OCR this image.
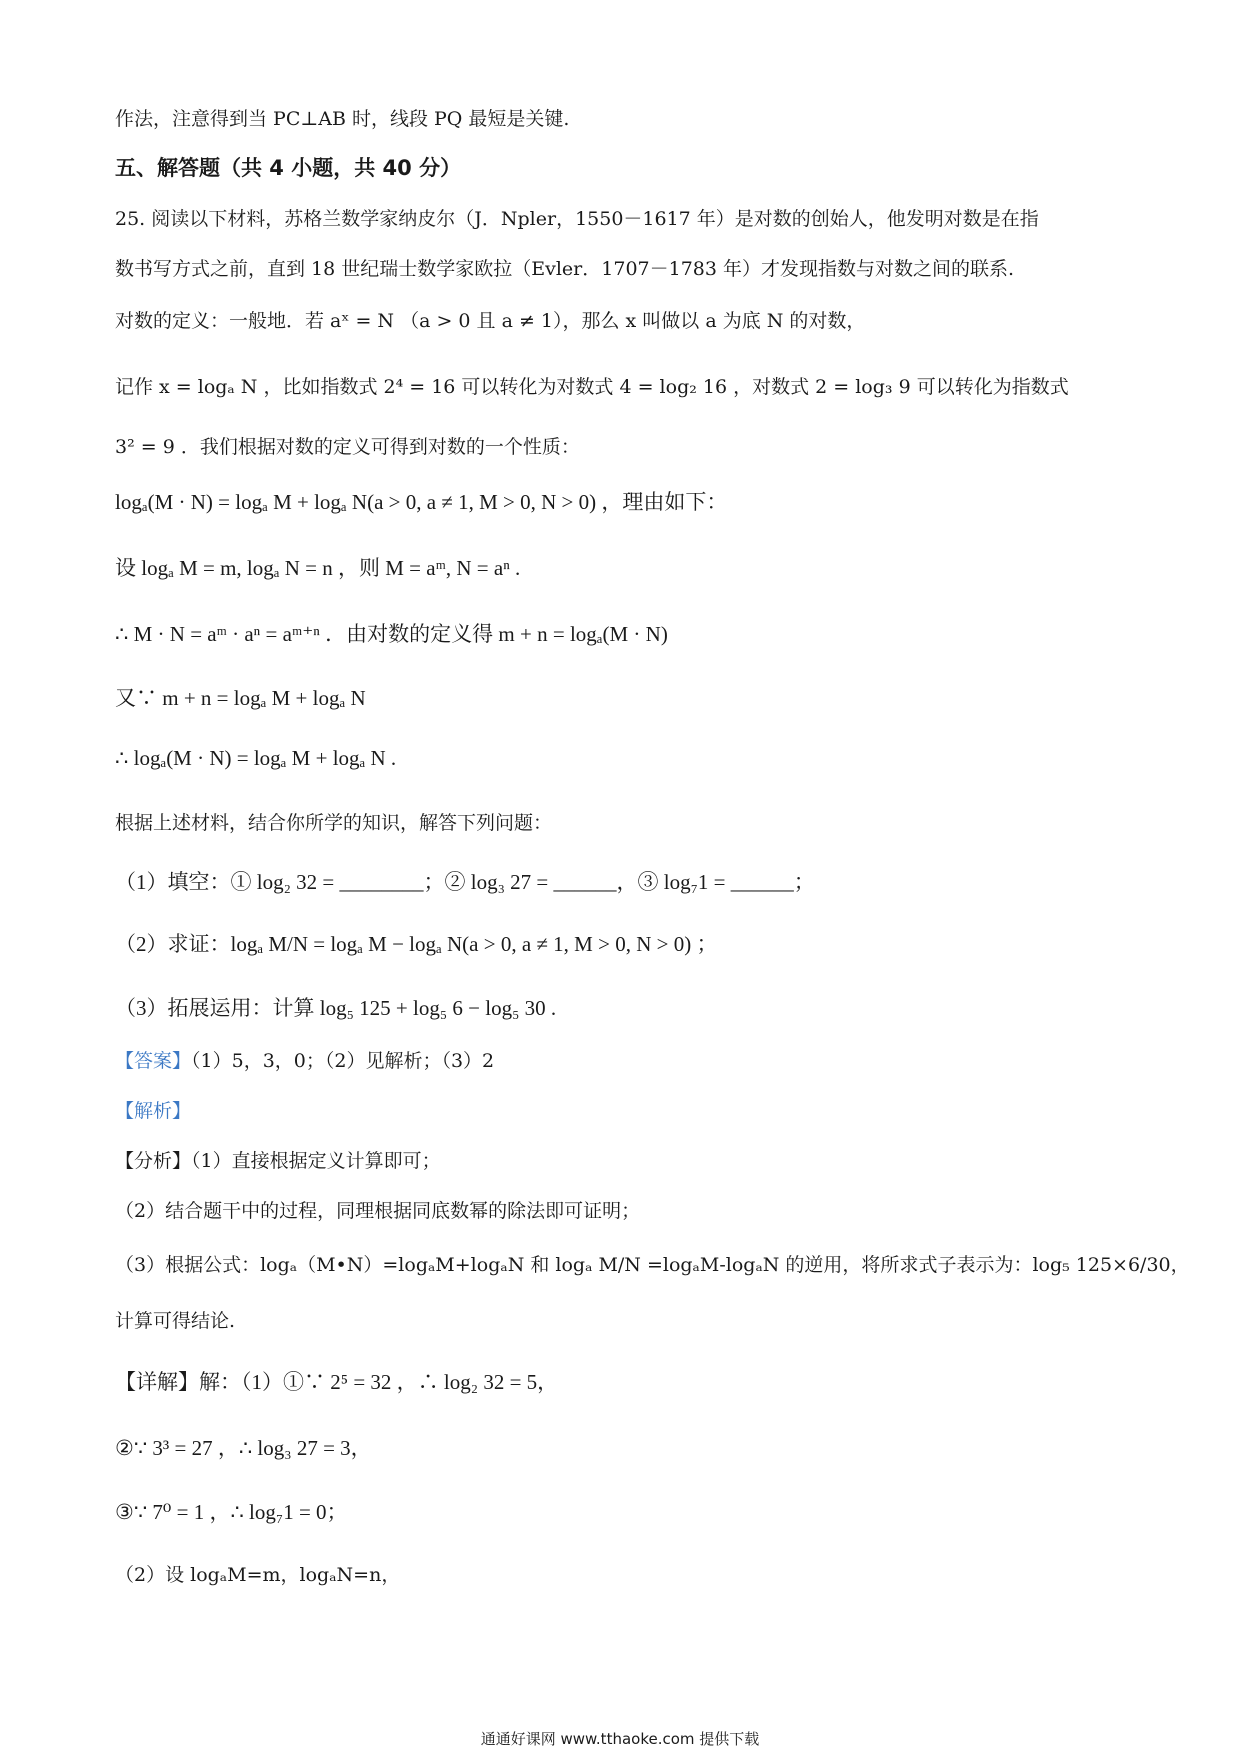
作法，注意得到当 PC⊥AB 时，线段 PQ 最短是关键.
五、解答题（共 4 小题，共 40 分）
25. 阅读以下材料，苏格兰数学家纳皮尔（J．Npler，1550－1617 年）是对数的创始人，他发明对数是在指
数书写方式之前，直到 18 世纪瑞士数学家欧拉（Evler．1707－1783 年）才发现指数与对数之间的联系.
对数的定义：一般地．若 aˣ = N （a > 0 且 a ≠ 1），那么 x 叫做以 a 为底 N 的对数，
记作 x = logₐ N ，比如指数式 2⁴ = 16 可以转化为对数式 4 = log₂ 16 ，对数式 2 = log₃ 9 可以转化为指数式
3² = 9 ．我们根据对数的定义可得到对数的一个性质：
logₐ(M · N) = logₐ M + logₐ N(a > 0, a ≠ 1, M > 0, N > 0) ，理由如下：
设 logₐ M = m, logₐ N = n ，则 M = aᵐ, N = aⁿ .
∴ M · N = aᵐ · aⁿ = aᵐ⁺ⁿ ．由对数的定义得 m + n = logₐ(M · N)
又∵ m + n = logₐ M + logₐ N
∴ logₐ(M · N) = logₐ M + logₐ N .
根据上述材料，结合你所学的知识，解答下列问题：
（1）填空：① log₂ 32 = ________；② log₃ 27 = ______，③ log₇1 = ______；
（2）求证：logₐ M/N = logₐ M − logₐ N(a > 0, a ≠ 1, M > 0, N > 0) ；
（3）拓展运用：计算 log₅ 125 + log₅ 6 − log₅ 30 .
【答案】（1）5，3，0；（2）见解析；（3）2
【解析】
【分析】（1）直接根据定义计算即可；
（2）结合题干中的过程，同理根据同底数幂的除法即可证明；
（3）根据公式：logₐ（M•N）=logₐM+logₐN 和 logₐ M/N =logₐM-logₐN 的逆用，将所求式子表示为：log₅ 125×6/30，
计算可得结论.
【详解】解：（1）①∵ 2⁵ = 32 ，∴ log₂ 32 = 5，
②∵ 3³ = 27 ，∴ log₃ 27 = 3，
③∵ 7⁰ = 1 ，∴ log₇1 = 0；
（2）设 logₐM=m，logₐN=n，
通通好课网 www.tthaoke.com 提供下载
